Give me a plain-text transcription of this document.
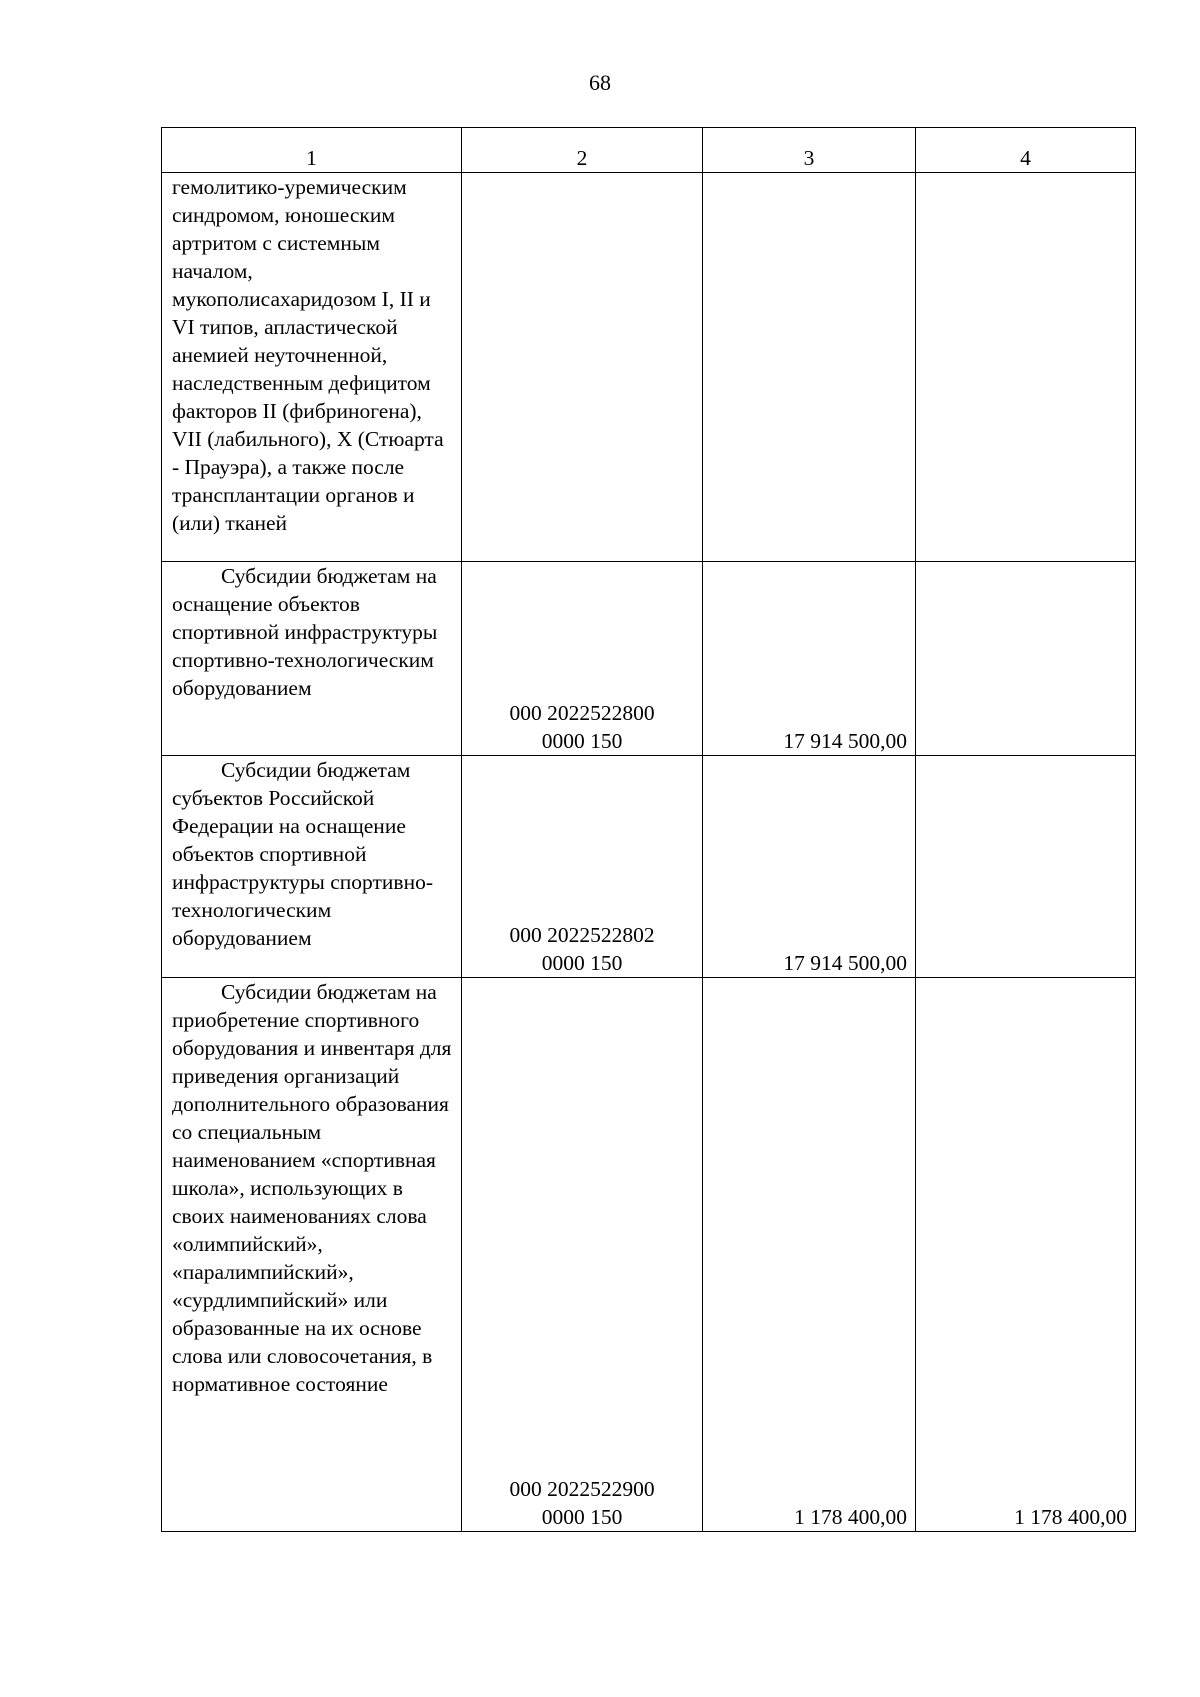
68
1	2	3	4

гемолитико-уремическим синдромом, юношеским артритом с системным началом, мукополисахаридозом I, II и VI типов, апластической анемией неуточненной, наследственным дефицитом факторов II (фибриногена), VII (лабильного), X (Стюарта - Прауэра), а также после трансплантации органов и (или) тканей			

Субсидии бюджетам на оснащение объектов спортивной инфраструктуры спортивно-технологическим оборудованием	000 2022522800
0000 150	17 914 500,00	

Субсидии бюджетам субъектов Российской Федерации на оснащение объектов спортивной инфраструктуры спортивно-технологическим оборудованием	000 2022522802
0000 150	17 914 500,00	

Субсидии бюджетам на приобретение спортивного оборудования и инвентаря для приведения организаций дополнительного образования со специальным наименованием «спортивная школа», использующих в своих наименованиях слова «олимпийский», «паралимпийский», «сурдлимпийский» или образованные на их основе слова или словосочетания, в нормативное состояние	000 2022522900
0000 150	1 178 400,00	1 178 400,00
